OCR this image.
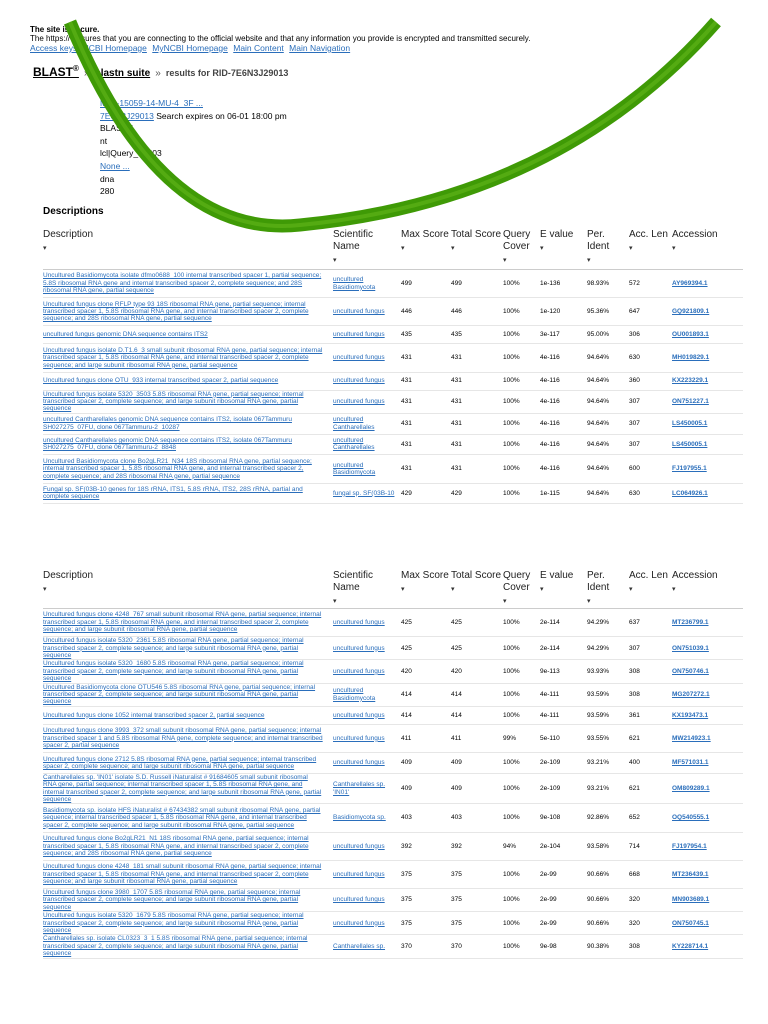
The site is secure.
The https:// ensures that you are connecting to the official website and that any information you provide is encrypted and transmitted securely.
Access keys NCBI Homepage MyNCBI Homepage Main Content Main Navigation
BLAST® » blastn suite » results for RID-7E6N3J29013
M22-15059-14-MU-4_3F ...
7E6N3J29013 Search expires on 06-01 18:00 pm
BLASTN
nt
lcl|Query_10603
None ...
dna
280
Descriptions
Description
▾	Scientific Name
▾	Max Score
▾	Total Score
▾	Query Cover
▾	E value
▾	Per. Ident
▾	Acc. Len
▾	Accession
▾

Uncultured Basidiomycota isolate dfmo0688_100 internal transcribed spacer 1, partial sequence; 5.8S ribosomal RNA gene and internal transcribed spacer 2, complete sequence; and 28S ribosomal RNA gene, partial sequence	uncultured Basidiomycota	499	499	100%	1e-136	98.93%	572	AY969394.1
Uncultured fungus clone RFLP type 93 18S ribosomal RNA gene, partial sequence; internal transcribed spacer 1, 5.8S ribosomal RNA gene, and internal transcribed spacer 2, complete sequence; and 28S ribosomal RNA gene, partial sequence	uncultured fungus	446	446	100%	1e-120	95.36%	647	GQ921809.1
uncultured fungus genomic DNA sequence contains ITS2	uncultured fungus	435	435	100%	3e-117	95.00%	306	OU001893.1
Uncultured fungus isolate D.T1.6_3 small subunit ribosomal RNA gene, partial sequence; internal transcribed spacer 1, 5.8S ribosomal RNA gene, and internal transcribed spacer 2, complete sequence; and large subunit ribosomal RNA gene, partial sequence	uncultured fungus	431	431	100%	4e-116	94.64%	630	MH019829.1
Uncultured fungus clone OTU_933 internal transcribed spacer 2, partial sequence	uncultured fungus	431	431	100%	4e-116	94.64%	360	KX223229.1
Uncultured fungus isolate 5320_3503 5.8S ribosomal RNA gene, partial sequence; internal transcribed spacer 2, complete sequence; and large subunit ribosomal RNA gene, partial sequence	uncultured fungus	431	431	100%	4e-116	94.64%	307	ON751227.1
uncultured Cantharellales genomic DNA sequence contains ITS2, isolate 067Tammuru SH027275_07FU, clone 067Tammuru-2_10287	uncultured Cantharellales	431	431	100%	4e-116	94.64%	307	LS450005.1
uncultured Cantharellales genomic DNA sequence contains ITS2, isolate 067Tammuru SH027275_07FU, clone 067Tammuru-2_8848	uncultured Cantharellales	431	431	100%	4e-116	94.64%	307	LS450005.1
Uncultured Basidiomycota clone Bo2gLR21_N34 18S ribosomal RNA gene, partial sequence; internal transcribed spacer 1, 5.8S ribosomal RNA gene, and internal transcribed spacer 2, complete sequence; and 28S ribosomal RNA gene, partial sequence	uncultured Basidiomycota	431	431	100%	4e-116	94.64%	600	FJ197955.1
Fungal sp. SF(03B-10 genes for 18S rRNA, ITS1, 5.8S rRNA, ITS2, 28S rRNA, partial and complete sequence	fungal sp. SF(03B-10	429	429	100%	1e-115	94.64%	630	LC064926.1
Description
▾	Scientific Name
▾	Max Score
▾	Total Score
▾	Query Cover
▾	E value
▾	Per. Ident
▾	Acc. Len
▾	Accession
▾

Uncultured fungus clone 4248_767 small subunit ribosomal RNA gene, partial sequence; internal transcribed spacer 1, 5.8S ribosomal RNA gene, and internal transcribed spacer 2, complete sequence; and large subunit ribosomal RNA gene, partial sequence	uncultured fungus	425	425	100%	2e-114	94.29%	637	MT236799.1
Uncultured fungus isolate 5320_2361 5.8S ribosomal RNA gene, partial sequence; internal transcribed spacer 2, complete sequence; and large subunit ribosomal RNA gene, partial sequence	uncultured fungus	425	425	100%	2e-114	94.29%	307	ON751039.1
Uncultured fungus isolate 5320_1680 5.8S ribosomal RNA gene, partial sequence; internal transcribed spacer 2, complete sequence; and large subunit ribosomal RNA gene, partial sequence	uncultured fungus	420	420	100%	9e-113	93.93%	308	ON750746.1
Uncultured Basidiomycota clone OTU546 5.8S ribosomal RNA gene, partial sequence; internal transcribed spacer 2, complete sequence; and large subunit ribosomal RNA gene, partial sequence	uncultured Basidiomycota	414	414	100%	4e-111	93.59%	308	MG207272.1
Uncultured fungus clone 1052 internal transcribed spacer 2, partial sequence	uncultured fungus	414	414	100%	4e-111	93.59%	361	KX193473.1
Uncultured fungus clone 3993_372 small subunit ribosomal RNA gene, partial sequence; internal transcribed spacer 1 and 5.8S ribosomal RNA gene, complete sequence; and internal transcribed spacer 2, partial sequence	uncultured fungus	411	411	99%	5e-110	93.55%	621	MW214923.1
Uncultured fungus clone 2712 5.8S ribosomal RNA gene, partial sequence; internal transcribed spacer 2, complete sequence; and large subunit ribosomal RNA gene, partial sequence	uncultured fungus	409	409	100%	2e-109	93.21%	400	MF571031.1
Cantharellales sp. 'IN01' isolate S.D. Russell iNaturalist # 91684605 small subunit ribosomal RNA gene, partial sequence; internal transcribed spacer 1, 5.8S ribosomal RNA gene, and internal transcribed spacer 2, complete sequence; and large subunit ribosomal RNA gene, partial sequence	Cantharellales sp. 'IN01'	409	409	100%	2e-109	93.21%	621	OM809289.1
Basidiomycota sp. isolate HFS iNaturalist # 67434382 small subunit ribosomal RNA gene, partial sequence; internal transcribed spacer 1, 5.8S ribosomal RNA gene, and internal transcribed spacer 2, complete sequence; and large subunit ribosomal RNA gene, partial sequence	Basidiomycota sp.	403	403	100%	9e-108	92.86%	652	OQ540555.1
Uncultured fungus clone Bo2gLR21_N1 18S ribosomal RNA gene, partial sequence; internal transcribed spacer 1, 5.8S ribosomal RNA gene, and internal transcribed spacer 2, complete sequence; and 28S ribosomal RNA gene, partial sequence	uncultured fungus	392	392	94%	2e-104	93.58%	714	FJ197954.1
Uncultured fungus clone 4248_181 small subunit ribosomal RNA gene, partial sequence; internal transcribed spacer 1, 5.8S ribosomal RNA gene, and internal transcribed spacer 2, complete sequence; and large subunit ribosomal RNA gene, partial sequence	uncultured fungus	375	375	100%	2e-99	90.66%	668	MT236439.1
Uncultured fungus clone 3980_1707 5.8S ribosomal RNA gene, partial sequence; internal transcribed spacer 2, complete sequence; and large subunit ribosomal RNA gene, partial sequence	uncultured fungus	375	375	100%	2e-99	90.66%	320	MN903689.1
Uncultured fungus isolate 5320_1679 5.8S ribosomal RNA gene, partial sequence; internal transcribed spacer 2, complete sequence; and large subunit ribosomal RNA gene, partial sequence	uncultured fungus	375	375	100%	2e-99	90.66%	320	ON750745.1
Cantharellales sp. isolate CL0323_3_1 5.8S ribosomal RNA gene, partial sequence; internal transcribed spacer 2, complete sequence; and large subunit ribosomal RNA gene, partial sequence	Cantharellales sp.	370	370	100%	9e-98	90.38%	308	KY228714.1
